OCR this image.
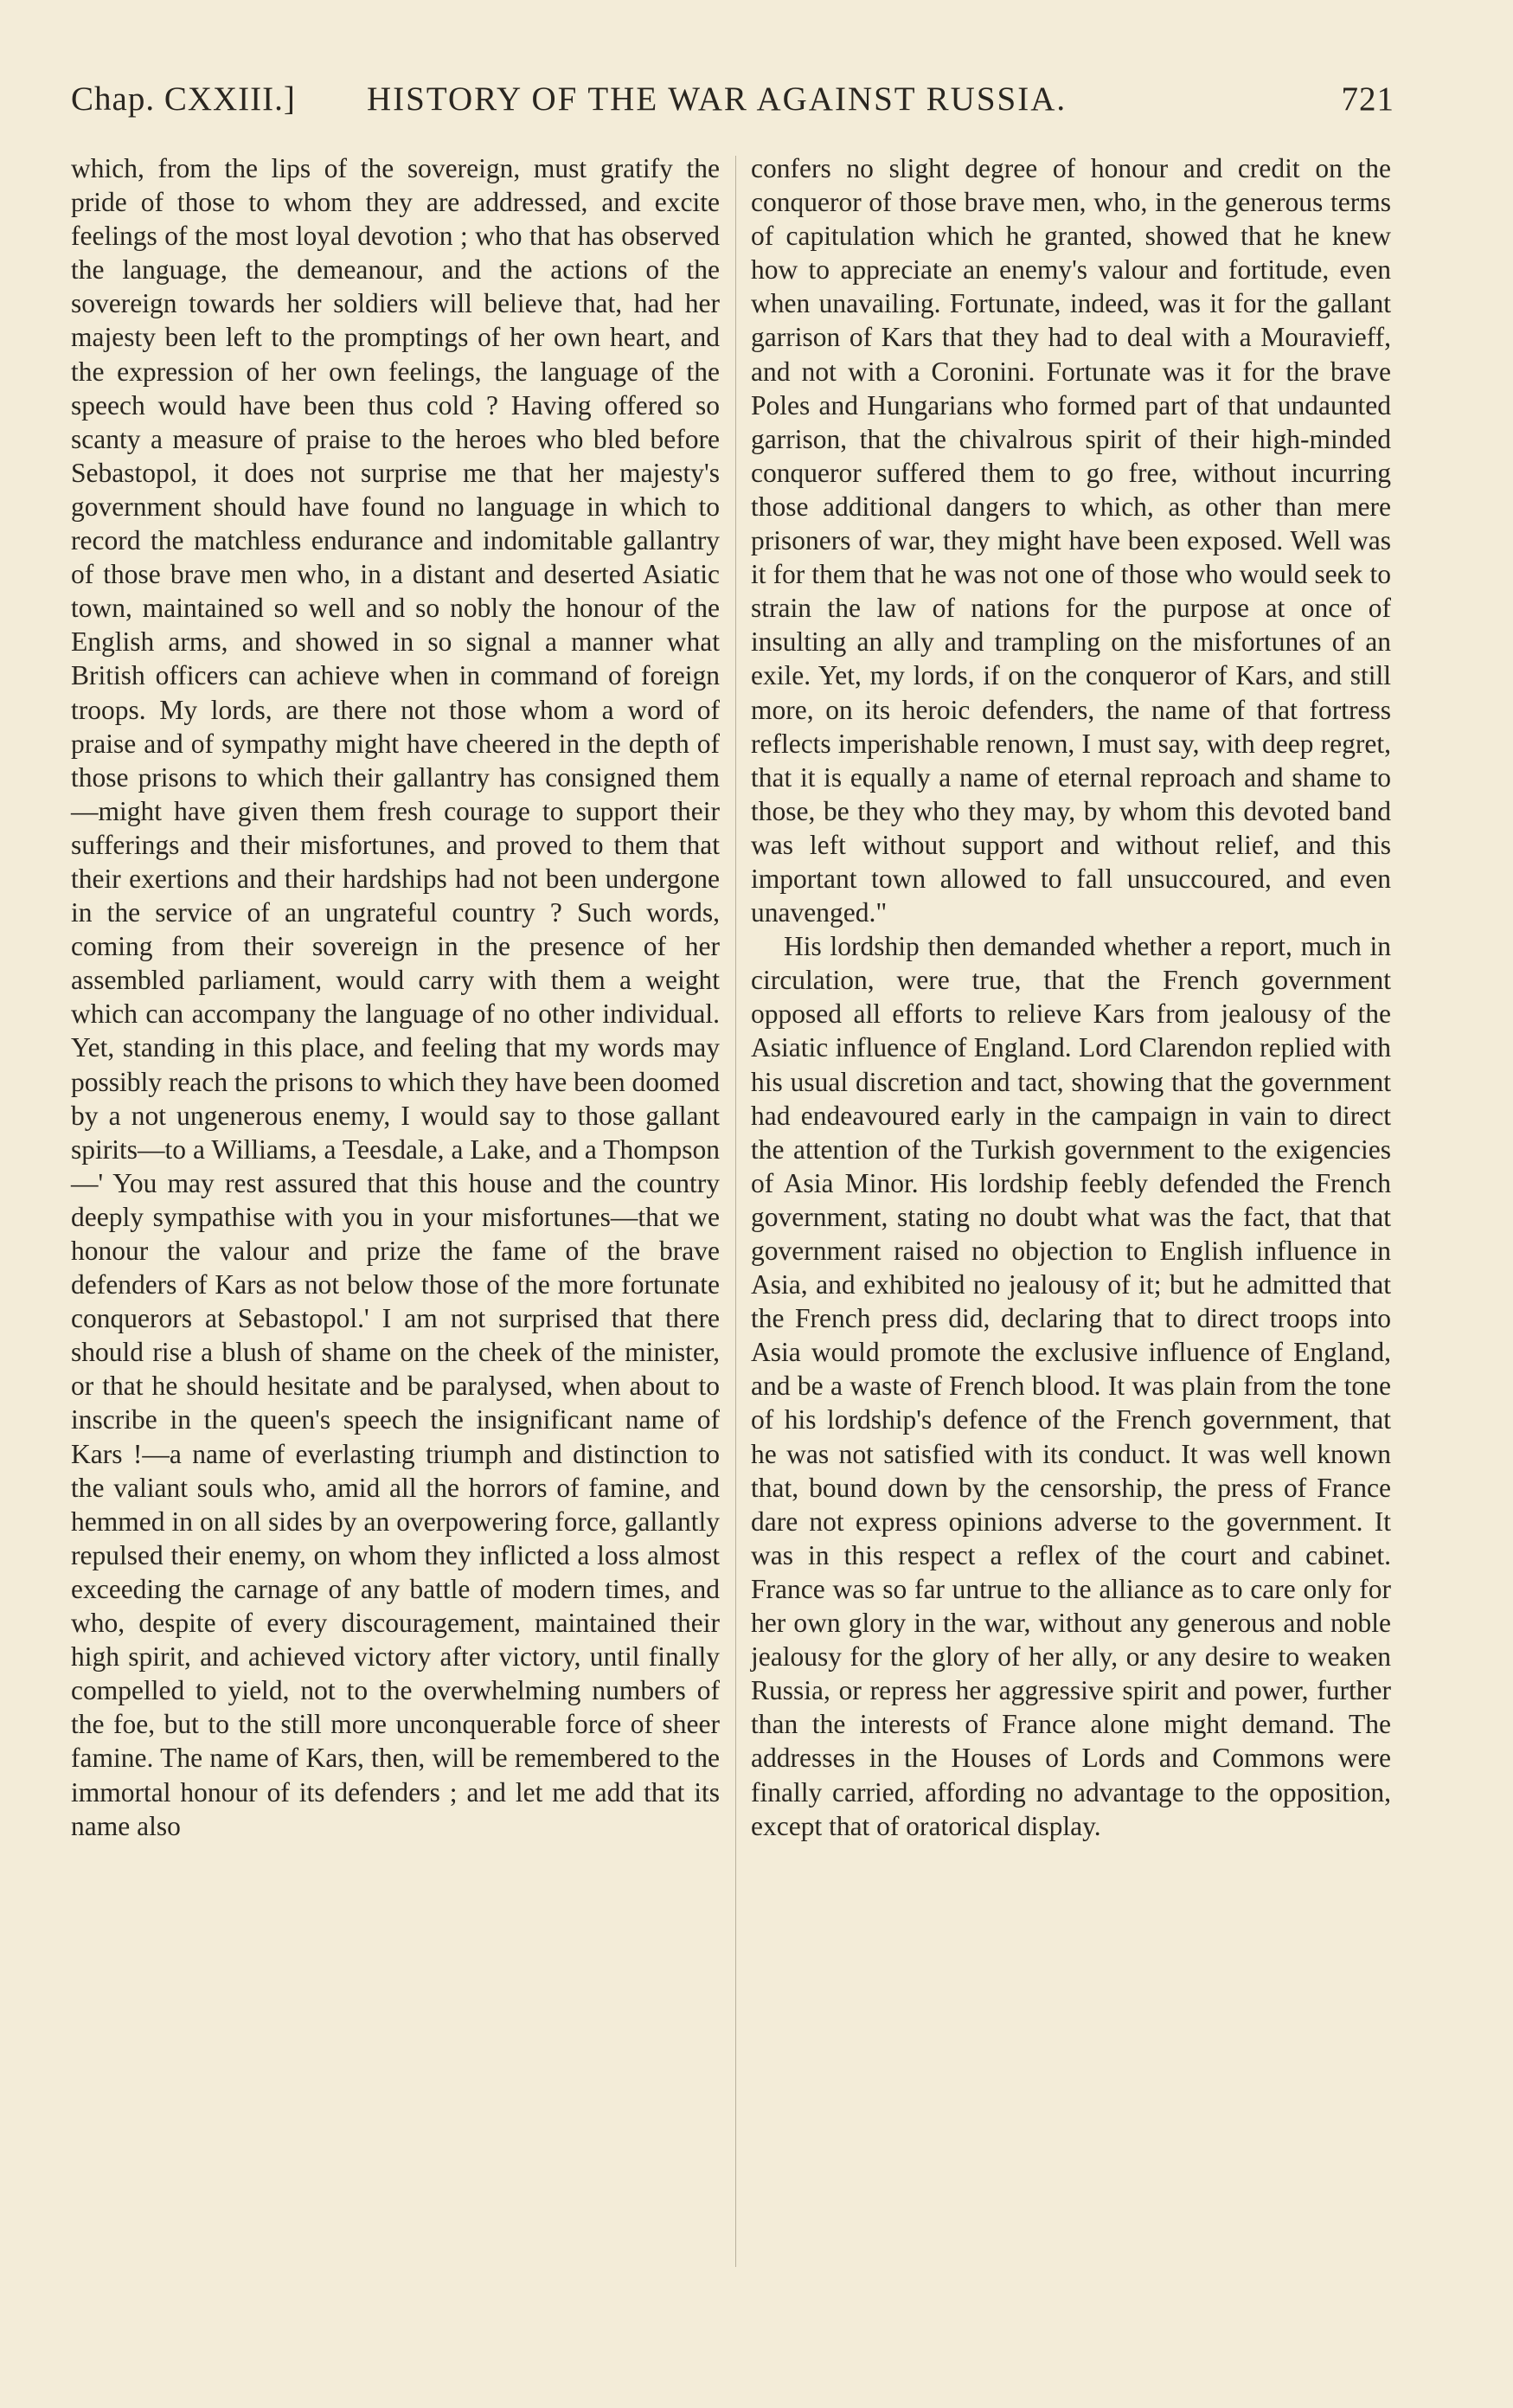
Chap. CXXIII.] HISTORY OF THE WAR AGAINST RUSSIA.	721

which, from the lips of the sovereign, must gratify the pride of those to whom they are addressed, and excite feelings of the most loyal devotion ; who that has observed the language, the demeanour, and the actions of the sovereign towards her soldiers will believe that, had her majesty been left to the promptings of her own heart, and the expression of her own feelings, the language of the speech would have been thus cold ? Having offered so scanty a measure of praise to the heroes who bled before Sebastopol, it does not surprise me that her majesty's government should have found no language in which to record the matchless endurance and indomitable gallantry of those brave men who, in a distant and deserted Asiatic town, maintained so well and so nobly the honour of the English arms, and showed in so signal a manner what British officers can achieve when in command of foreign troops. My lords, are there not those whom a word of praise and of sympathy might have cheered in the depth of those prisons to which their gallantry has consigned them—might have given them fresh courage to support their sufferings and their misfortunes, and proved to them that their exertions and their hardships had not been undergone in the service of an ungrateful country ? Such words, coming from their sovereign in the presence of her assembled parliament, would carry with them a weight which can accompany the language of no other individual. Yet, standing in this place, and feeling that my words may possibly reach the prisons to which they have been doomed by a not ungenerous enemy, I would say to those gallant spirits—to a Williams, a Teesdale, a Lake, and a Thompson—' You may rest assured that this house and the country deeply sympathise with you in your misfortunes—that we honour the valour and prize the fame of the brave defenders of Kars as not below those of the more fortunate conquerors at Sebastopol.' I am not surprised that there should rise a blush of shame on the cheek of the minister, or that he should hesitate and be paralysed, when about to inscribe in the queen's speech the insignificant name of Kars !—a name of everlasting triumph and distinction to the valiant souls who, amid all the horrors of famine, and hemmed in on all sides by an overpowering force, gallantly repulsed their enemy, on whom they inflicted a loss almost exceeding the carnage of any battle of modern times, and who, despite of every discouragement, maintained their high spirit, and achieved victory after victory, until finally compelled to yield, not to the overwhelming numbers of the foe, but to the still more unconquerable force of sheer famine. The name of Kars, then, will be remembered to the immortal honour of its defenders ; and let me add that its name also

confers no slight degree of honour and credit on the conqueror of those brave men, who, in the generous terms of capitulation which he granted, showed that he knew how to appreciate an enemy's valour and fortitude, even when unavailing. Fortunate, indeed, was it for the gallant garrison of Kars that they had to deal with a Mouravieff, and not with a Coronini. Fortunate was it for the brave Poles and Hungarians who formed part of that undaunted garrison, that the chivalrous spirit of their high-minded conqueror suffered them to go free, without incurring those additional dangers to which, as other than mere prisoners of war, they might have been exposed. Well was it for them that he was not one of those who would seek to strain the law of nations for the purpose at once of insulting an ally and trampling on the misfortunes of an exile. Yet, my lords, if on the conqueror of Kars, and still more, on its heroic defenders, the name of that fortress reflects imperishable renown, I must say, with deep regret, that it is equally a name of eternal reproach and shame to those, be they who they may, by whom this devoted band was left without support and without relief, and this important town allowed to fall unsuccoured, and even unavenged."

His lordship then demanded whether a report, much in circulation, were true, that the French government opposed all efforts to relieve Kars from jealousy of the Asiatic influence of England. Lord Clarendon replied with his usual discretion and tact, showing that the government had endeavoured early in the campaign in vain to direct the attention of the Turkish government to the exigencies of Asia Minor. His lordship feebly defended the French government, stating no doubt what was the fact, that that government raised no objection to English influence in Asia, and exhibited no jealousy of it; but he admitted that the French press did, declaring that to direct troops into Asia would promote the exclusive influence of England, and be a waste of French blood. It was plain from the tone of his lordship's defence of the French government, that he was not satisfied with its conduct. It was well known that, bound down by the censorship, the press of France dare not express opinions adverse to the government. It was in this respect a reflex of the court and cabinet. France was so far untrue to the alliance as to care only for her own glory in the war, without any generous and noble jealousy for the glory of her ally, or any desire to weaken Russia, or repress her aggressive spirit and power, further than the interests of France alone might demand. The addresses in the Houses of Lords and Commons were finally carried, affording no advantage to the opposition, except that of oratorical display.
